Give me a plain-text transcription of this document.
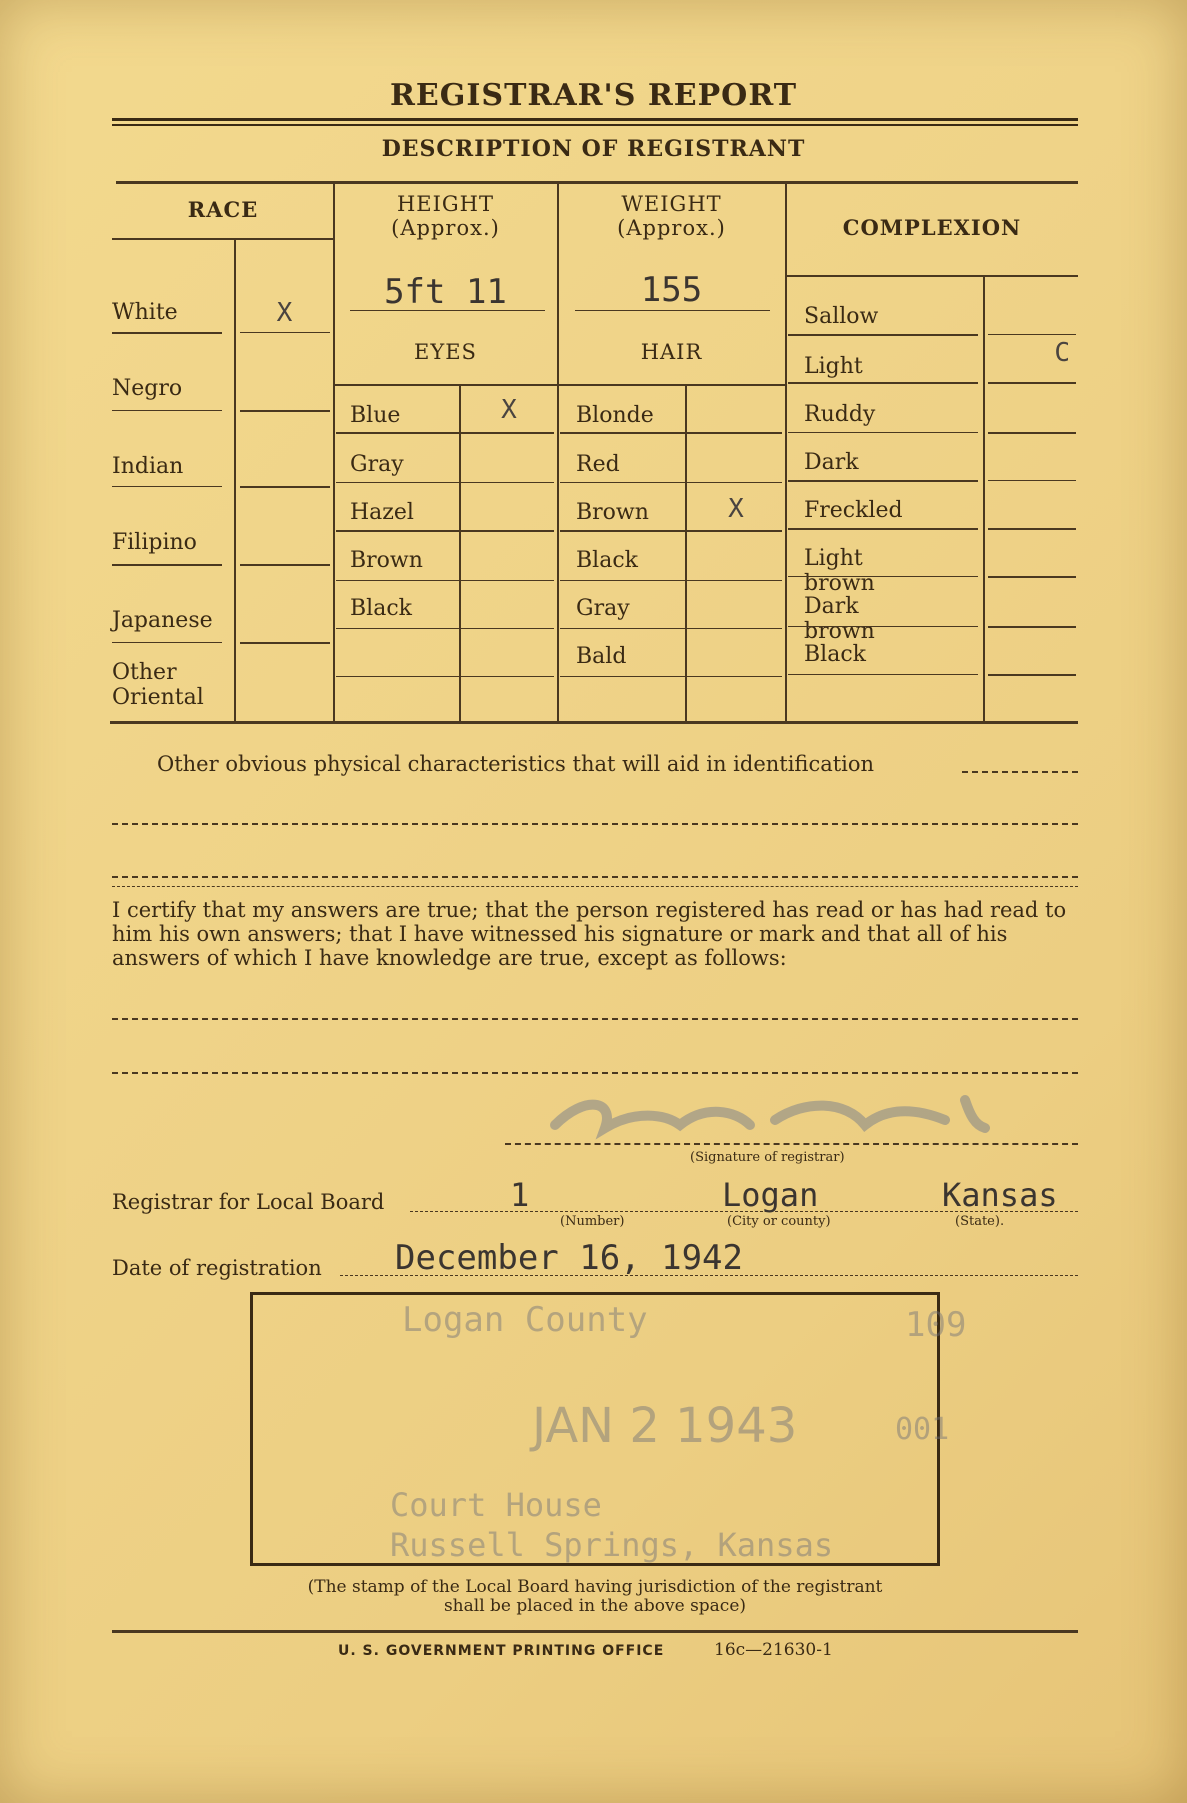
REGISTRAR'S REPORT
DESCRIPTION OF REGISTRANT
RACE	HEIGHT
(Approx.)
WEIGHT
(Approx.)	COMPLEXION
5ft 11	155
EYES	HAIR
White	X
Negro
Indian
Filipino
Japanese
Other
Oriental
Blue	X
Gray
Hazel
Brown
Black
Blonde
Red
Brown	X
Black
Gray
Bald
Sallow
Light	C
Ruddy
Dark
Freckled
Light brown
Dark brown
Black
Other obvious physical characteristics that will aid in identification
I certify that my answers are true; that the person registered has read or has had read to him his own answers; that I have witnessed his signature or mark and that all of his answers of which I have knowledge are true, except as follows:
(Signature of registrar)
Registrar for Local Board	1
(Number)
Logan
(City or county)
Kansas
(State).
Date of registration December 16, 1942
Logan County	109
JAN 2 1943	001
Court House
Russell Springs, Kansas
(The stamp of the Local Board having jurisdiction of the registrant
shall be placed in the above space)
U. S. GOVERNMENT PRINTING OFFICE	16c—21630-1
